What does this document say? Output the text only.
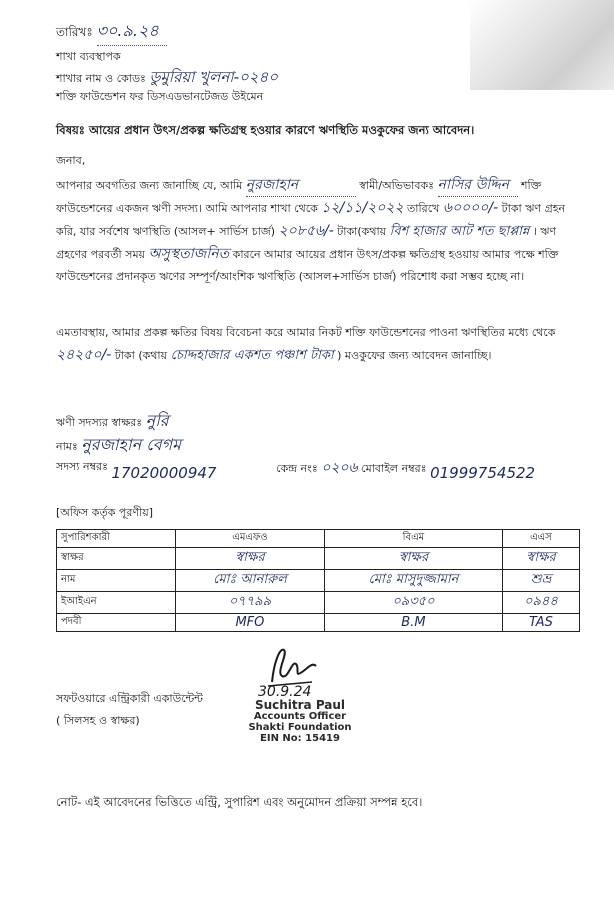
তারিখঃ ৩০.৯.২৪
শাখা ব্যবস্থাপক
শাখার নাম ও কোডঃ ডুমুরিয়া খুলনা-০২৪০
শক্তি ফাউন্ডেশন ফর ডিসএডভানটেজড উইমেন
বিষয়ঃ আয়ের প্রধান উৎস/প্রকল্প ক্ষতিগ্রস্থ হওয়ার কারণে ঋণস্থিতি মওকুফের জন্য আবেদন।
জনাব,
আপনার অবগতির জন্য জানাচ্ছি যে, আমি নুরজাহান	স্বামী/অভিভাবকঃ নাসির উদ্দিন শক্তি ফাউন্ডেশনের একজন ঋণী সদস্য। আমি আপনার শাখা থেকে ১২/১১/২০২২ তারিখে ৬০০০০/- টাকা ঋণ গ্রহন করি, যার সর্বশেষ ঋণস্থিতি (আসল+ সার্ভিস চার্জ) ২০৮৫৬/- টাকা(কথায় বিশ হাজার আট শত ছাপ্পান্ন । ঋণ গ্রহণের পরবর্তী সময় অসুস্থতাজনিত কারনে আমার আয়ের প্রধান উৎস/প্রকল্প ক্ষতিগ্রস্থ হওয়ায় আমার পক্ষে শক্তি ফাউন্ডেশনের প্রদানকৃত ঋণের সম্পূর্ণ/আংশিক ঋণস্থিতি (আসল+সার্ভিস চার্জ) পরিশোধ করা সম্ভব হচ্ছে না।
এমতাবস্থায়, আমার প্রকল্প ক্ষতির বিষয় বিবেচনা করে আমার নিকট শক্তি ফাউন্ডেশনের পাওনা ঋণস্থিতির মধ্যে থেকে ২৪২৫০/- টাকা (কথায় চোদ্দহাজার একশত পঞ্চাশ টাকা ) মওকুফের জন্য আবেদন জানাচ্ছি।
ঋণী সদস্যর স্বাক্ষরঃ নুরি
নামঃ নুরজাহান বেগম
সদস্য নম্বরঃ 17020000947	কেন্দ্র নংঃ ০২০৬ মোবাইল নম্বরঃ 01999754522
[অফিস কর্তৃক পূরণীয়]
সুপারিশকারী	এমএফও	বিএম	এএস
স্বাক্ষর	স্বাক্ষর	স্বাক্ষর	স্বাক্ষর
নাম	মোঃ আনারুল	মোঃ মাসুদুজ্জামান	শুভ্র
ইআইএন	০৭৭৯৯	০৯৩৫০	০৯৪৪
পদবী	MFO	B.M	TAS
30.9.24
সফটওয়ারে এন্ট্রিকারী একাউন্টেন্ট
( সিলসহ ও স্বাক্ষর)
Suchitra Paul
Accounts Officer
Shakti Foundation
EIN No: 15419
নোট- এই আবেদনের ভিত্তিতে এন্ট্রি, সুপারিশ এবং অনুমোদন প্রক্রিয়া সম্পন্ন হবে।
